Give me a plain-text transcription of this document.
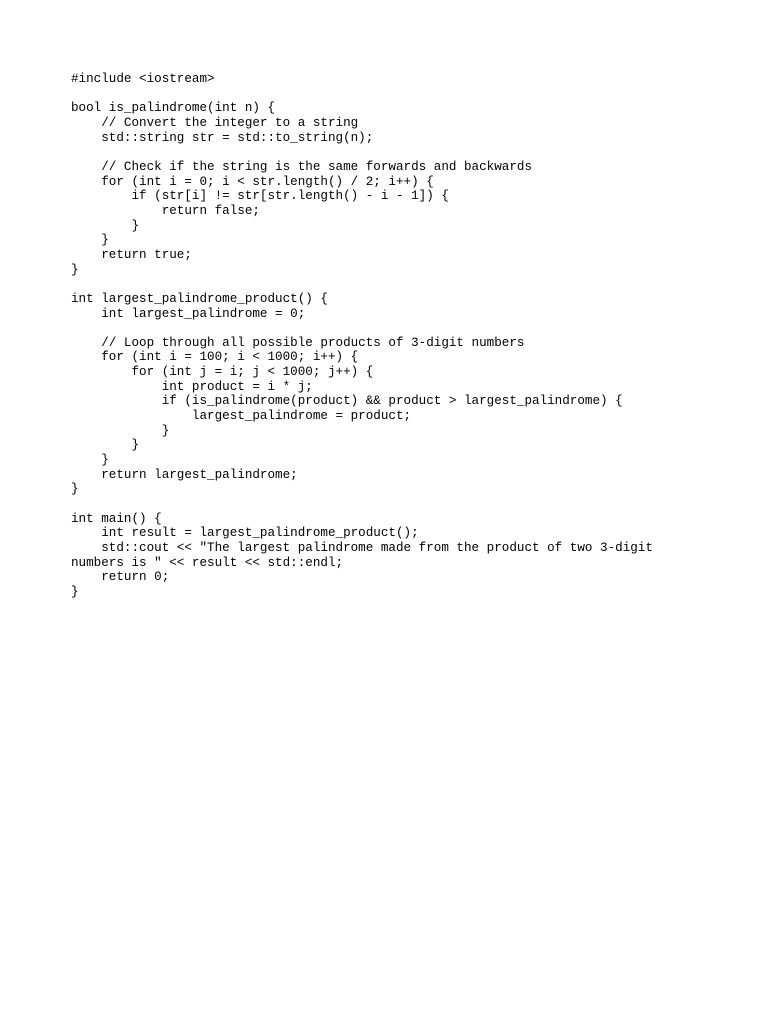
#include <iostream>
bool is_palindrome(int n) {
// Convert the integer to a string
std::string str = std::to_string(n);
// Check if the string is the same forwards and backwards
for (int i = 0; i < str.length() / 2; i++) {
if (str[i] != str[str.length() - i - 1]) {
return false;
}
}
return true;
}
int largest_palindrome_product() {
int largest_palindrome = 0;
// Loop through all possible products of 3-digit numbers
for (int i = 100; i < 1000; i++) {
for (int j = i; j < 1000; j++) {
int product = i * j;
if (is_palindrome(product) && product > largest_palindrome) {
largest_palindrome = product;
}
}
}
return largest_palindrome;
}
int main() {
int result = largest_palindrome_product();
std::cout << "The largest palindrome made from the product of two 3-digit
numbers is " << result << std::endl;
return 0;
}
